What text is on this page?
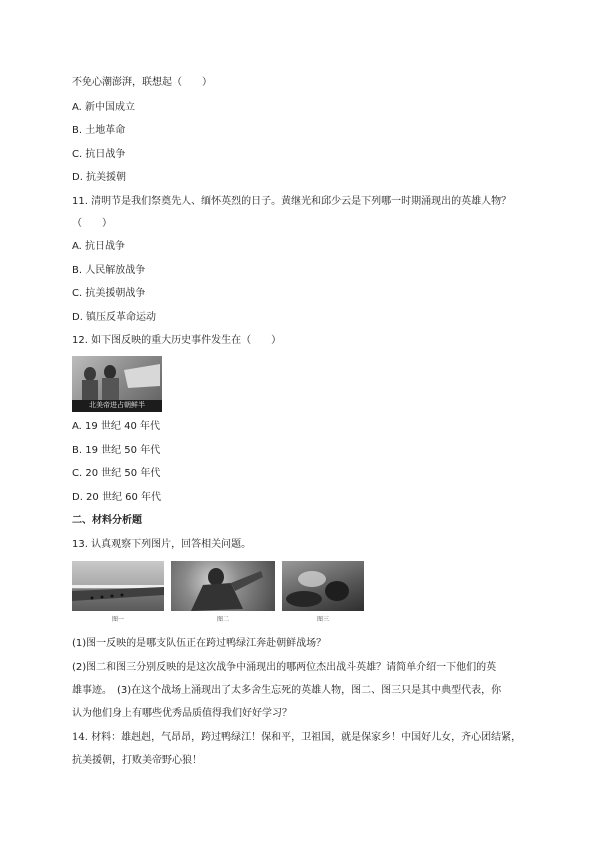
不免心潮澎湃，联想起（　　）
A. 新中国成立
B. 土地革命
C. 抗日战争
D. 抗美援朝
11. 清明节是我们祭奠先人、缅怀英烈的日子。黄继光和邱少云是下列哪一时期涌现出的英雄人物？
（　　）
A. 抗日战争
B. 人民解放战争
C. 抗美援朝战争
D. 镇压反革命运动
12. 如下图反映的重大历史事件发生在（　　）
北美帝进占朝鲜半
A. 19 世纪 40 年代
B. 19 世纪 50 年代
C. 20 世纪 50 年代
D. 20 世纪 60 年代
二、材料分析题
13. 认真观察下列图片，回答相关问题。
图一	图二	图三
(1)图一反映的是哪支队伍正在跨过鸭绿江奔赴朝鲜战场？
(2)图二和图三分别反映的是这次战争中涌现出的哪两位杰出战斗英雄？请简单介绍一下他们的英
雄事迹。　(3)在这个战场上涌现出了太多舍生忘死的英雄人物，图二、图三只是其中典型代表，你
认为他们身上有哪些优秀品质值得我们好好学习？
14. 材料：雄赳赳，气昂昂，跨过鸭绿江！保和平，卫祖国，就是保家乡！中国好儿女，齐心团结紧，
抗美援朝，打败美帝野心狼！
